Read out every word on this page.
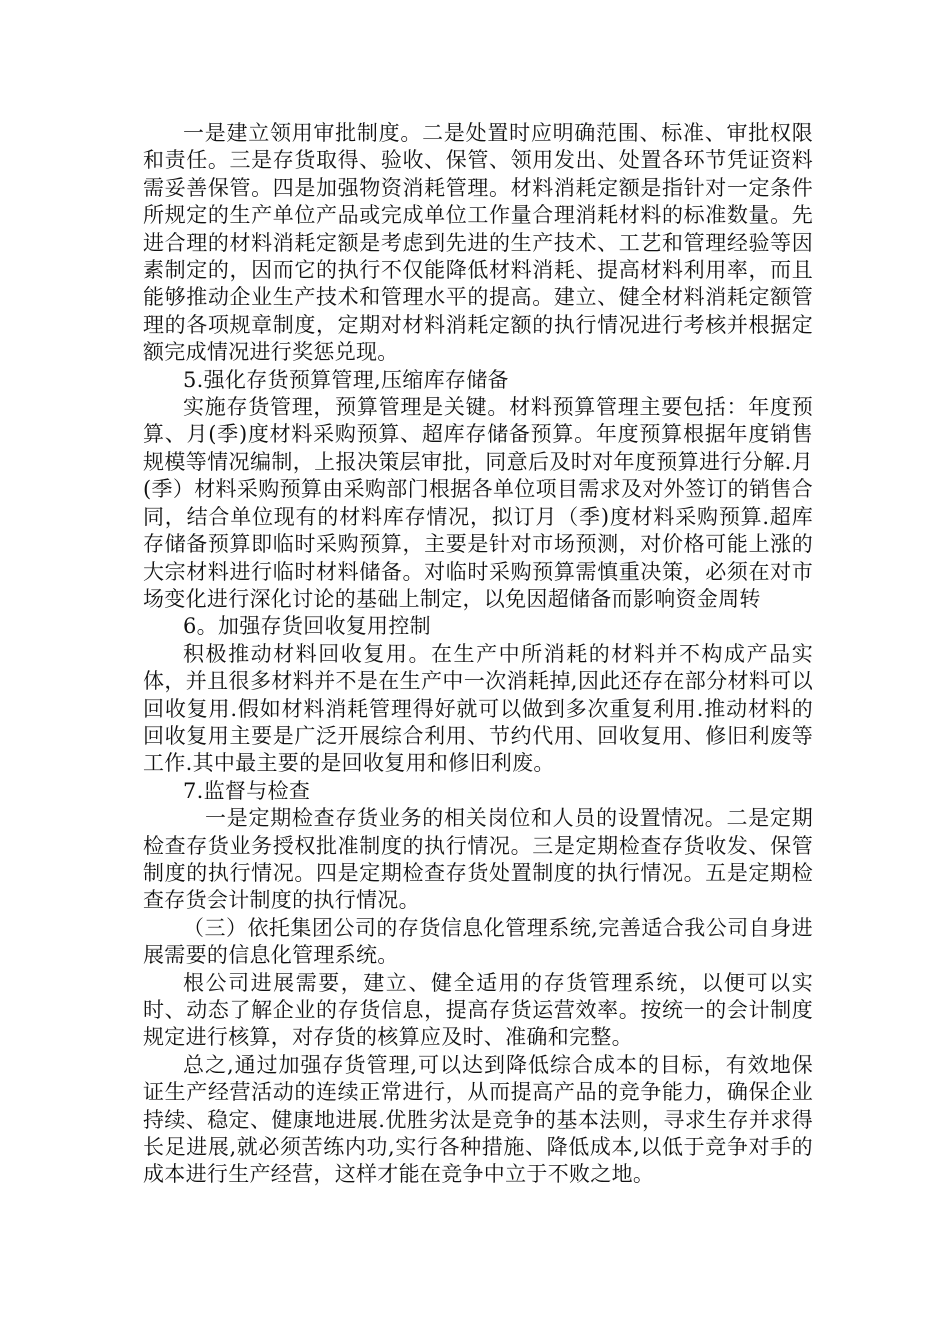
一是建立领用审批制度。二是处置时应明确范围、标准、审批权限和责任。三是存货取得、验收、保管、领用发出、处置各环节凭证资料需妥善保管。四是加强物资消耗管理。材料消耗定额是指针对一定条件所规定的生产单位产品或完成单位工作量合理消耗材料的标准数量。先进合理的材料消耗定额是考虑到先进的生产技术、工艺和管理经验等因素制定的，因而它的执行不仅能降低材料消耗、提高材料利用率，而且能够推动企业生产技术和管理水平的提高。建立、健全材料消耗定额管理的各项规章制度，定期对材料消耗定额的执行情况进行考核并根据定额完成情况进行奖惩兑现。

5.强化存货预算管理,压缩库存储备

实施存货管理，预算管理是关键。材料预算管理主要包括：年度预算、月(季)度材料采购预算、超库存储备预算。年度预算根据年度销售规模等情况编制，上报决策层审批，同意后及时对年度预算进行分解.月(季）材料采购预算由采购部门根据各单位项目需求及对外签订的销售合同，结合单位现有的材料库存情况，拟订月（季)度材料采购预算.超库存储备预算即临时采购预算，主要是针对市场预测，对价格可能上涨的大宗材料进行临时材料储备。对临时采购预算需慎重决策，必须在对市场变化进行深化讨论的基础上制定，以免因超储备而影响资金周转

6。加强存货回收复用控制

积极推动材料回收复用。在生产中所消耗的材料并不构成产品实体，并且很多材料并不是在生产中一次消耗掉,因此还存在部分材料可以回收复用.假如材料消耗管理得好就可以做到多次重复利用.推动材料的回收复用主要是广泛开展综合利用、节约代用、回收复用、修旧利废等工作.其中最主要的是回收复用和修旧利废。

7.监督与检查

一是定期检查存货业务的相关岗位和人员的设置情况。二是定期检查存货业务授权批准制度的执行情况。三是定期检查存货收发、保管制度的执行情况。四是定期检查存货处置制度的执行情况。五是定期检查存货会计制度的执行情况。

（三）依托集团公司的存货信息化管理系统,完善适合我公司自身进展需要的信息化管理系统。

根公司进展需要，建立、健全适用的存货管理系统，以便可以实时、动态了解企业的存货信息，提高存货运营效率。按统一的会计制度规定进行核算，对存货的核算应及时、准确和完整。

总之,通过加强存货管理,可以达到降低综合成本的目标，有效地保证生产经营活动的连续正常进行，从而提高产品的竞争能力，确保企业持续、稳定、健康地进展.优胜劣汰是竞争的基本法则，寻求生存并求得长足进展,就必须苦练内功,实行各种措施、降低成本,以低于竞争对手的成本进行生产经营，这样才能在竞争中立于不败之地。
